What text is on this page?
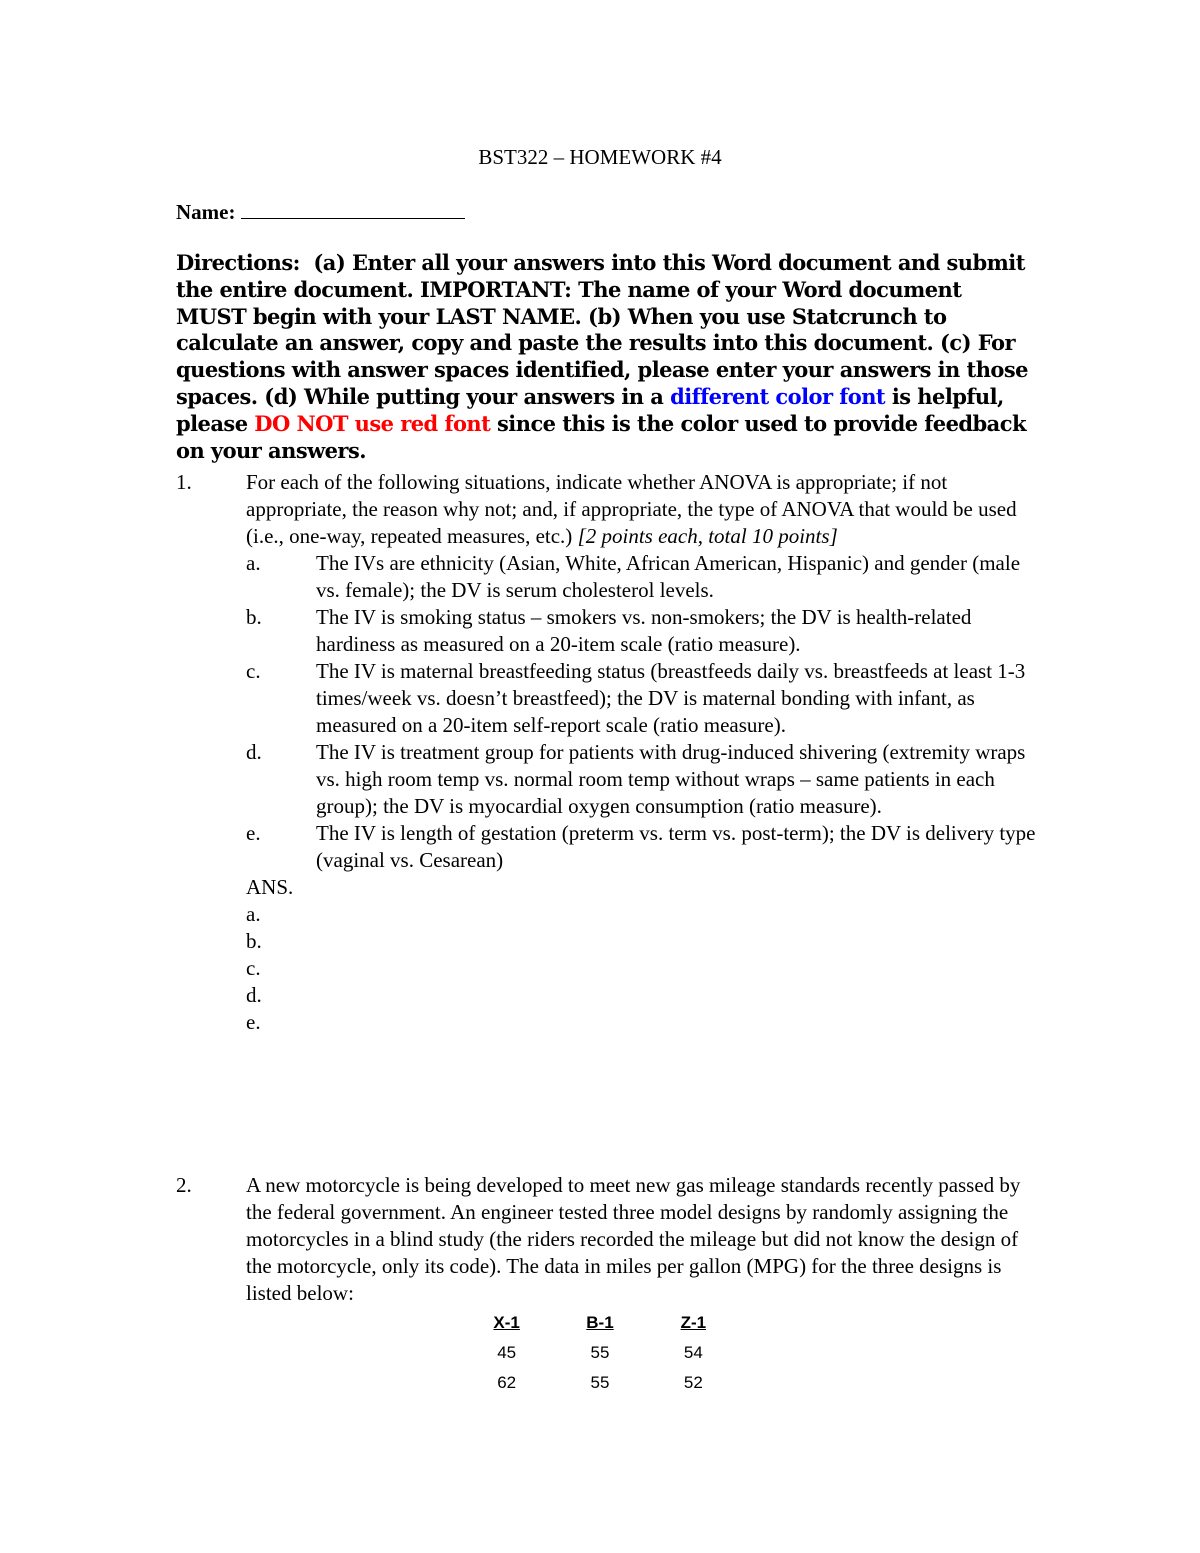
BST322 – HOMEWORK #4
Name:
Directions: (a) Enter all your answers into this Word document and submit the entire document. IMPORTANT: The name of your Word document MUST begin with your LAST NAME. (b) When you use Statcrunch to calculate an answer, copy and paste the results into this document. (c) For questions with answer spaces identified, please enter your answers in those spaces. (d) While putting your answers in a different color font is helpful, please DO NOT use red font since this is the color used to provide feedback on your answers.
1.	For each of the following situations, indicate whether ANOVA is appropriate; if not appropriate, the reason why not; and, if appropriate, the type of ANOVA that would be used (i.e., one-way, repeated measures, etc.) [2 points each, total 10 points]
a.	The IVs are ethnicity (Asian, White, African American, Hispanic) and gender (male vs. female); the DV is serum cholesterol levels.
b.	The IV is smoking status – smokers vs. non-smokers; the DV is health-related hardiness as measured on a 20-item scale (ratio measure).
c.	The IV is maternal breastfeeding status (breastfeeds daily vs. breastfeeds at least 1-3 times/week vs. doesn’t breastfeed); the DV is maternal bonding with infant, as measured on a 20-item self-report scale (ratio measure).
d.	The IV is treatment group for patients with drug-induced shivering (extremity wraps vs. high room temp vs. normal room temp without wraps – same patients in each group); the DV is myocardial oxygen consumption (ratio measure).
e.	The IV is length of gestation (preterm vs. term vs. post-term); the DV is delivery type (vaginal vs. Cesarean)
ANS.
a.
b.
c.
d.
e.
2.	A new motorcycle is being developed to meet new gas mileage standards recently passed by the federal government. An engineer tested three model designs by randomly assigning the motorcycles in a blind study (the riders recorded the mileage but did not know the design of the motorcycle, only its code). The data in miles per gallon (MPG) for the three designs is listed below:
X-1	B-1	Z-1
45	55	54
62	55	52
